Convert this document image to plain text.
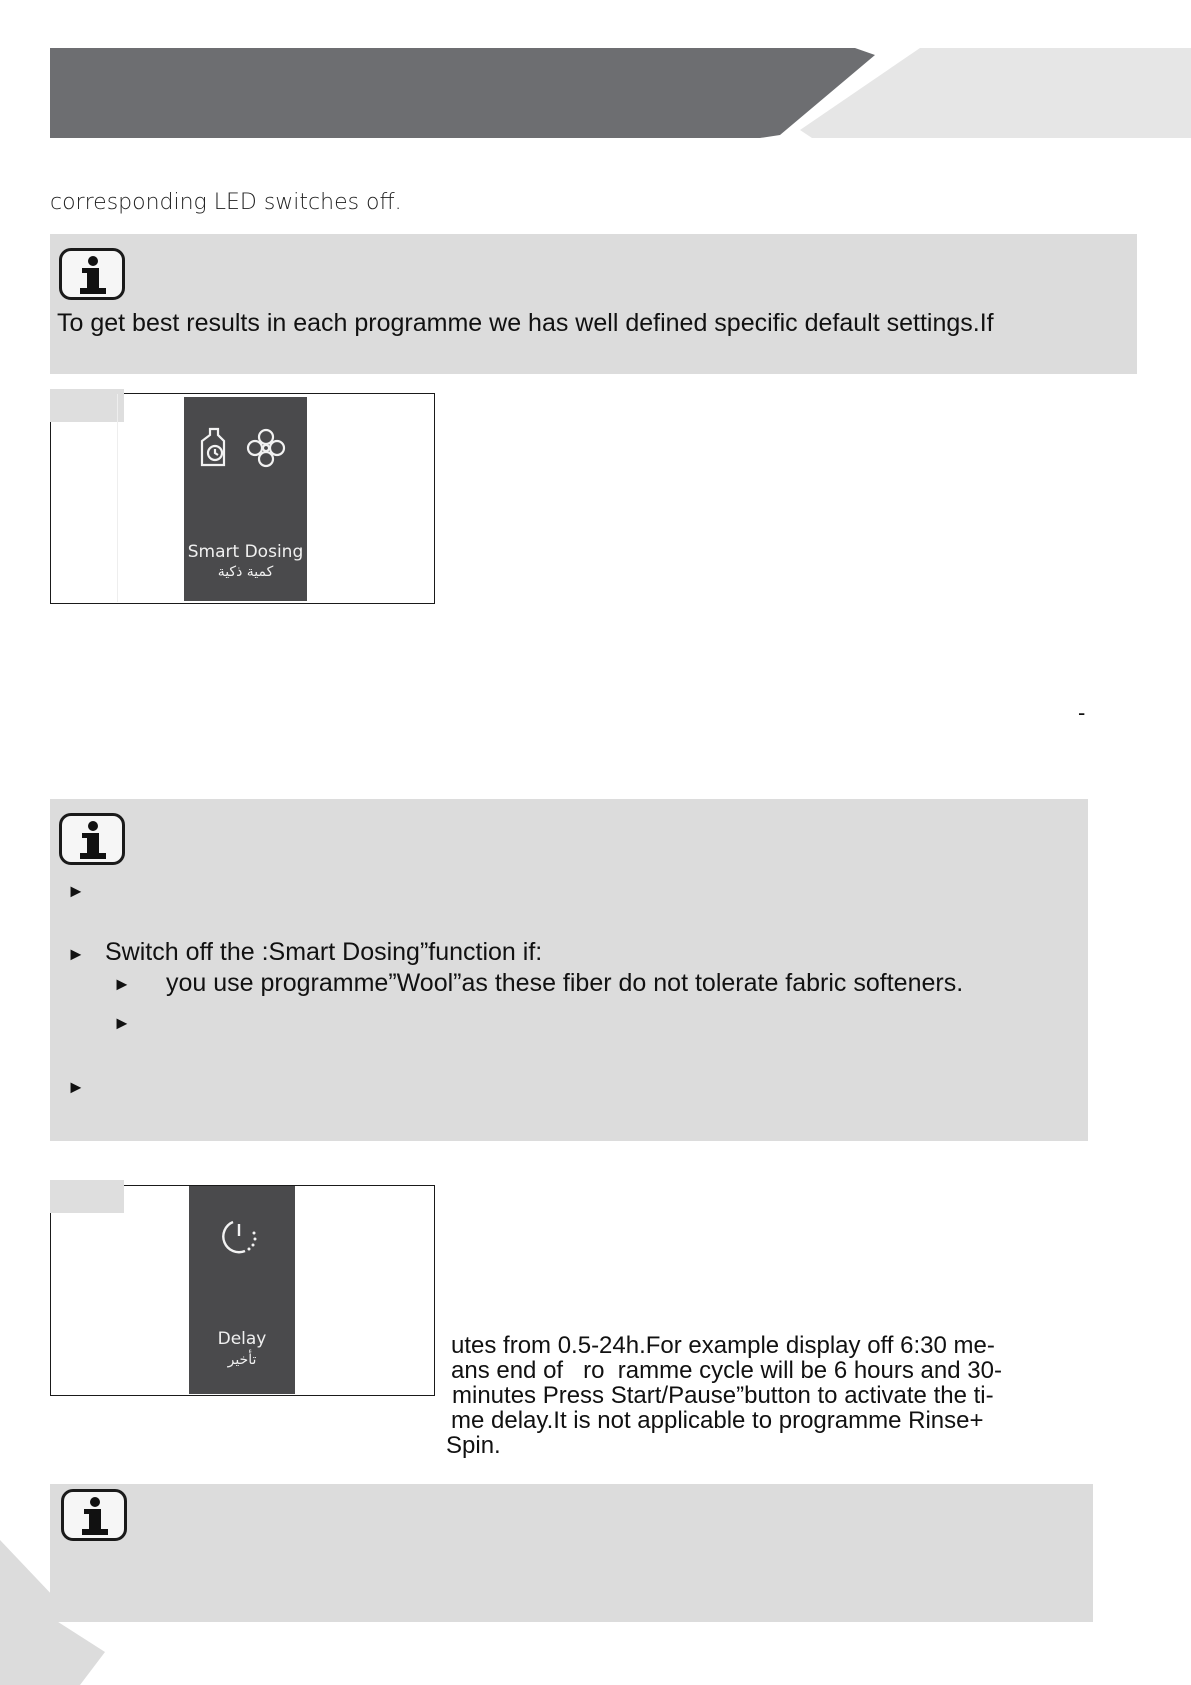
corresponding LED switches off.
To get best results in each programme we has well defined specific default settings.If
Smart Dosing
كمية ذكية
-
►
► Switch off the :Smart Dosing”function if:
► you use programme”Wool”as these fiber do not tolerate fabric softeners.
►
►
Delay
تأخير
utes from 0.5-24h.For example display off 6:30 me-
ans end of   ro  ramme cycle will be 6 hours and 30-
minutes Press Start/Pause”button to activate the ti-
me delay.It is not applicable to programme Rinse+
Spin.
